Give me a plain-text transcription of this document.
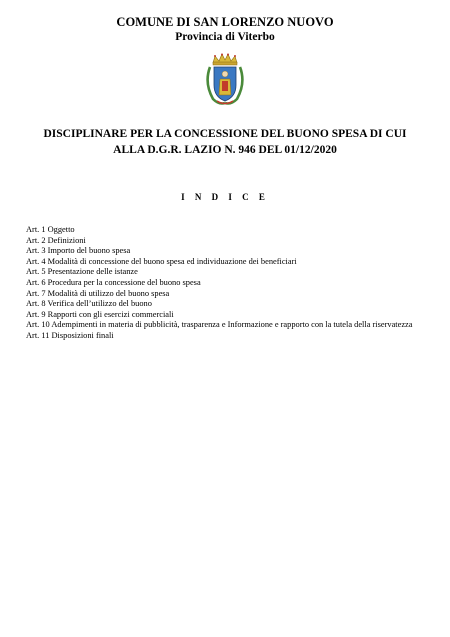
COMUNE DI SAN LORENZO NUOVO
Provincia di Viterbo
DISCIPLINARE PER LA CONCESSIONE DEL BUONO SPESA DI CUI
ALLA D.G.R. LAZIO N. 946 DEL 01/12/2020
I N D I C E
Art. 1 Oggetto
Art. 2 Definizioni
Art. 3 Importo del buono spesa
Art. 4 Modalità di concessione del buono spesa ed individuazione dei beneficiari
Art. 5 Presentazione delle istanze
Art. 6 Procedura per la concessione del buono spesa
Art. 7 Modalità di utilizzo del buono spesa
Art. 8 Verifica dell’utilizzo del buono
Art. 9 Rapporti con gli esercizi commerciali
Art. 10 Adempimenti in materia di pubblicità, trasparenza e Informazione e rapporto con la tutela della riservatezza
Art. 11 Disposizioni finali
